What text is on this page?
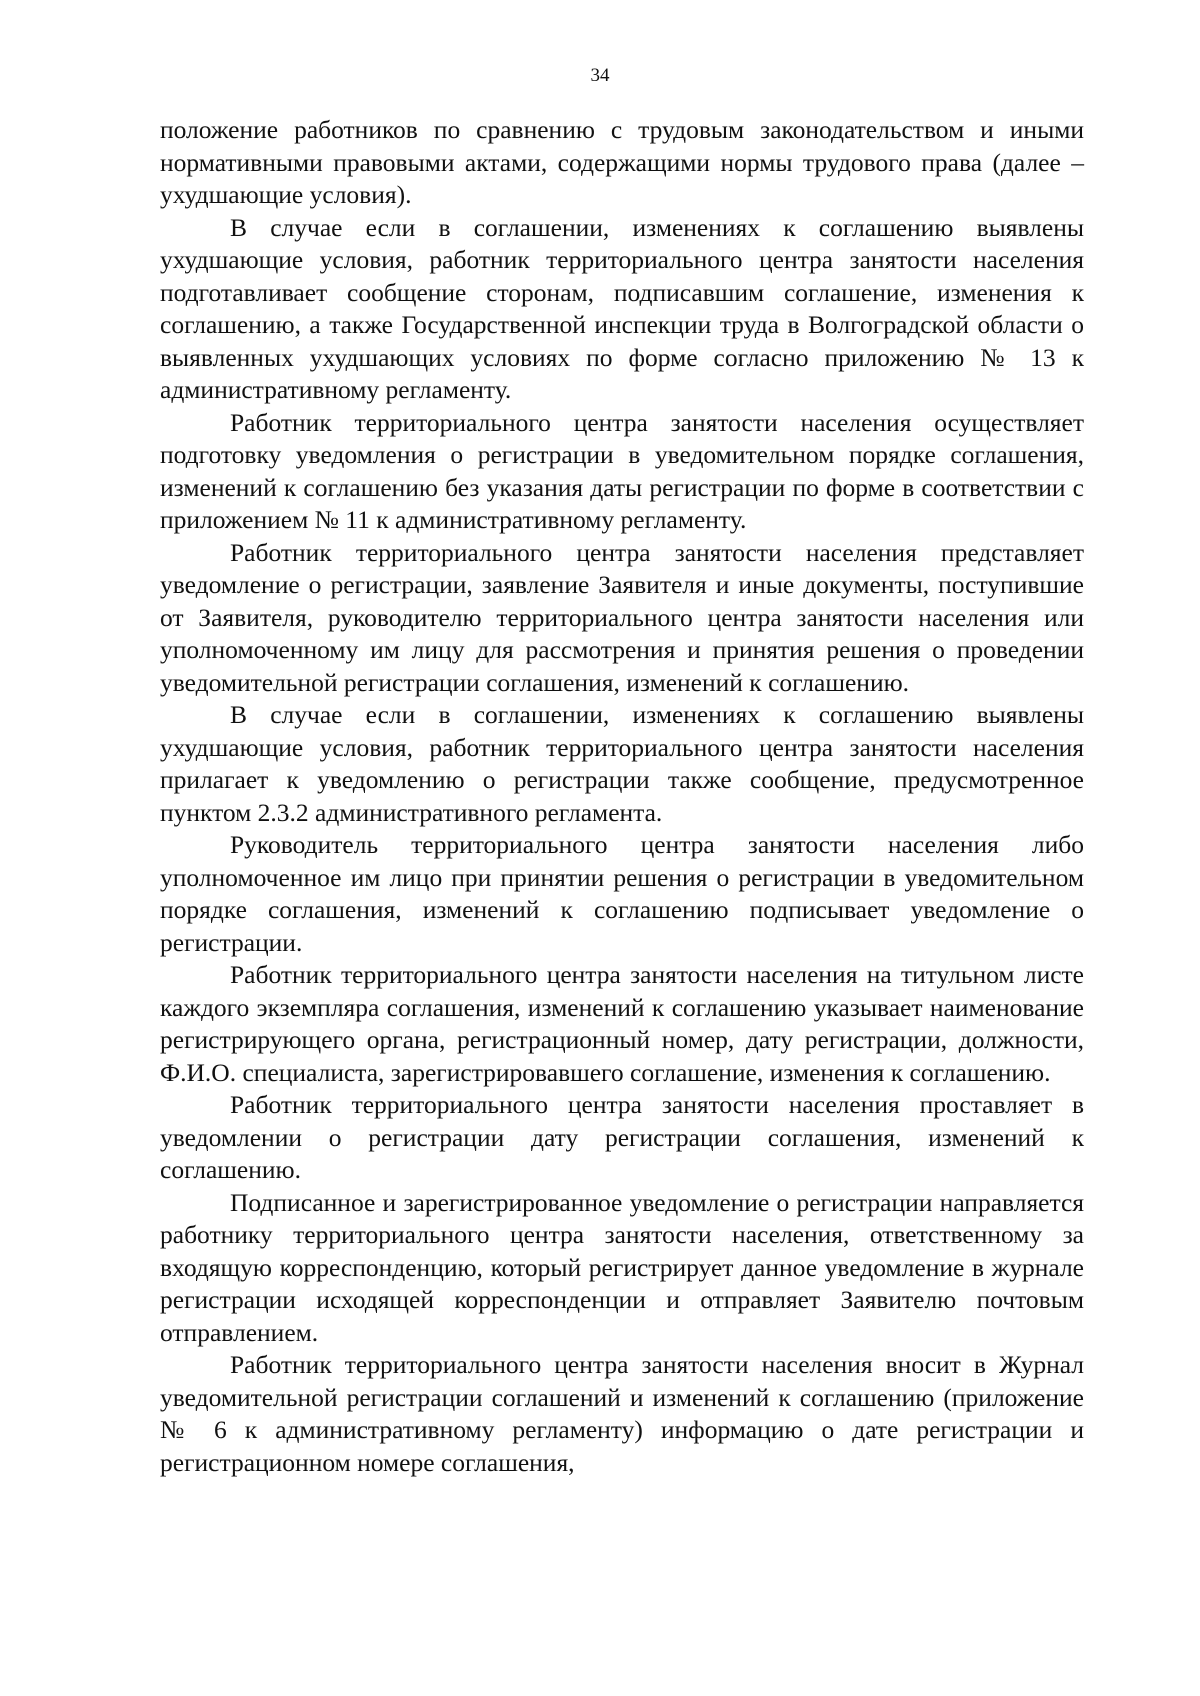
34

положение работников по сравнению с трудовым законодательством и иными нормативными правовыми актами, содержащими нормы трудового права (далее – ухудшающие условия).

В случае если в соглашении, изменениях к соглашению выявлены ухудшающие условия, работник территориального центра занятости населения подготавливает сообщение сторонам, подписавшим соглашение, изменения к соглашению, а также Государственной инспекции труда в Волгоградской области о выявленных ухудшающих условиях по форме согласно приложению № 13 к административному регламенту.

Работник территориального центра занятости населения осуществляет подготовку уведомления о регистрации в уведомительном порядке соглашения, изменений к соглашению без указания даты регистрации по форме в соответствии с приложением № 11 к административному регламенту.

Работник территориального центра занятости населения представляет уведомление о регистрации, заявление Заявителя и иные документы, поступившие от Заявителя, руководителю территориального центра занятости населения или уполномоченному им лицу для рассмотрения и принятия решения о проведении уведомительной регистрации соглашения, изменений к соглашению.

В случае если в соглашении, изменениях к соглашению выявлены ухудшающие условия, работник территориального центра занятости населения прилагает к уведомлению о регистрации также сообщение, предусмотренное пунктом 2.3.2 административного регламента.

Руководитель территориального центра занятости населения либо уполномоченное им лицо при принятии решения о регистрации в уведомительном порядке соглашения, изменений к соглашению подписывает уведомление о регистрации.

Работник территориального центра занятости населения на титульном листе каждого экземпляра соглашения, изменений к соглашению указывает наименование регистрирующего органа, регистрационный номер, дату регистрации, должности, Ф.И.О. специалиста, зарегистрировавшего соглашение, изменения к соглашению.

Работник территориального центра занятости населения проставляет в уведомлении о регистрации дату регистрации соглашения, изменений к соглашению.

Подписанное и зарегистрированное уведомление о регистрации направляется работнику территориального центра занятости населения, ответственному за входящую корреспонденцию, который регистрирует данное уведомление в журнале регистрации исходящей корреспонденции и отправляет Заявителю почтовым отправлением.

Работник территориального центра занятости населения вносит в Журнал уведомительной регистрации соглашений и изменений к соглашению (приложение № 6 к административному регламенту) информацию о дате регистрации и регистрационном номере соглашения,
